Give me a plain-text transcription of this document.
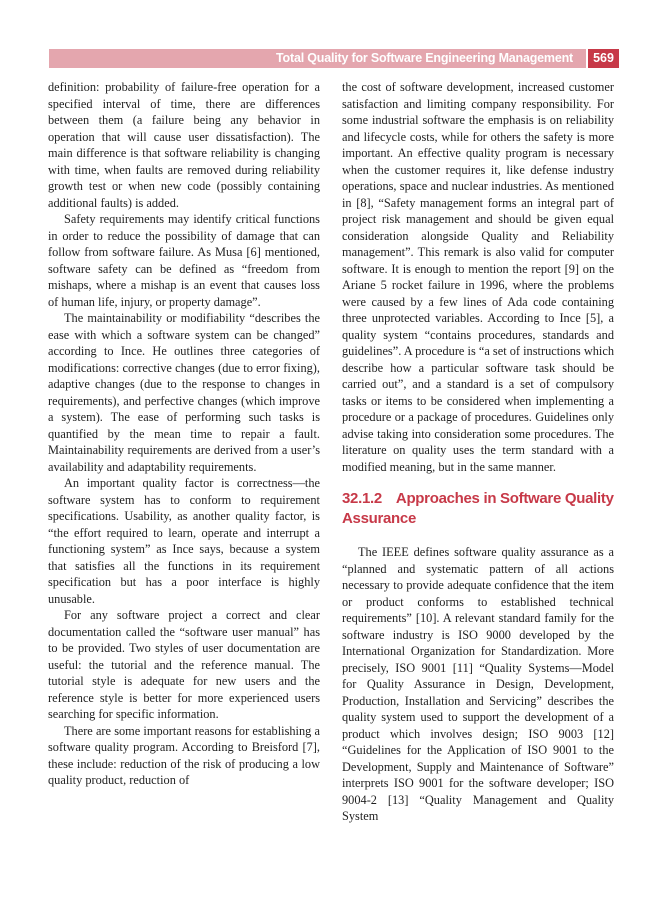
Total Quality for Software Engineering Management	569

definition: probability of failure-free operation for a specified interval of time, there are differences between them (a failure being any behavior in operation that will cause user dissatisfaction). The main difference is that software reliability is changing with time, when faults are removed during reliability growth test or when new code (possibly containing additional faults) is added.

Safety requirements may identify critical functions in order to reduce the possibility of damage that can follow from software failure. As Musa [6] mentioned, software safety can be defined as “freedom from mishaps, where a mishap is an event that causes loss of human life, injury, or property damage”.

The maintainability or modifiability “describes the ease with which a software system can be changed” according to Ince. He outlines three categories of modifications: corrective changes (due to error fixing), adaptive changes (due to the response to changes in requirements), and perfective changes (which improve a system). The ease of performing such tasks is quantified by the mean time to repair a fault. Maintainability requirements are derived from a user’s availability and adaptability requirements.

An important quality factor is correctness—the software system has to conform to requirement specifications. Usability, as another quality factor, is “the effort required to learn, operate and interrupt a functioning system” as Ince says, because a system that satisfies all the functions in its requirement specification but has a poor interface is highly unusable.

For any software project a correct and clear documentation called the “software user manual” has to be provided. Two styles of user documentation are useful: the tutorial and the reference manual. The tutorial style is adequate for new users and the reference style is better for more experienced users searching for specific information.

There are some important reasons for establishing a software quality program. According to Breisford [7], these include: reduction of the risk of producing a low quality product, reduction of

the cost of software development, increased customer satisfaction and limiting company responsibility. For some industrial software the emphasis is on reliability and lifecycle costs, while for others the safety is more important. An effective quality program is necessary when the customer requires it, like defense industry operations, space and nuclear industries. As mentioned in [8], “Safety management forms an integral part of project risk management and should be given equal consideration alongside Quality and Reliability management”. This remark is also valid for computer software. It is enough to mention the report [9] on the Ariane 5 rocket failure in 1996, where the problems were caused by a few lines of Ada code containing three unprotected variables. According to Ince [5], a quality system “contains procedures, standards and guidelines”. A procedure is “a set of instructions which describe how a particular software task should be carried out”, and a standard is a set of compulsory tasks or items to be considered when implementing a procedure or a package of procedures. Guidelines only advise taking into consideration some procedures. The literature on quality uses the term standard with a modified meaning, but in the same manner.

32.1.2 Approaches in Software Quality Assurance

The IEEE defines software quality assurance as a “planned and systematic pattern of all actions necessary to provide adequate confidence that the item or product conforms to established technical requirements” [10]. A relevant standard family for the software industry is ISO 9000 developed by the International Organization for Standardization. More precisely, ISO 9001 [11] “Quality Systems—Model for Quality Assurance in Design, Development, Production, Installation and Servicing” describes the quality system used to support the development of a product which involves design; ISO 9003 [12] “Guidelines for the Application of ISO 9001 to the Development, Supply and Maintenance of Software” interprets ISO 9001 for the software developer; ISO 9004-2 [13] “Quality Management and Quality System
